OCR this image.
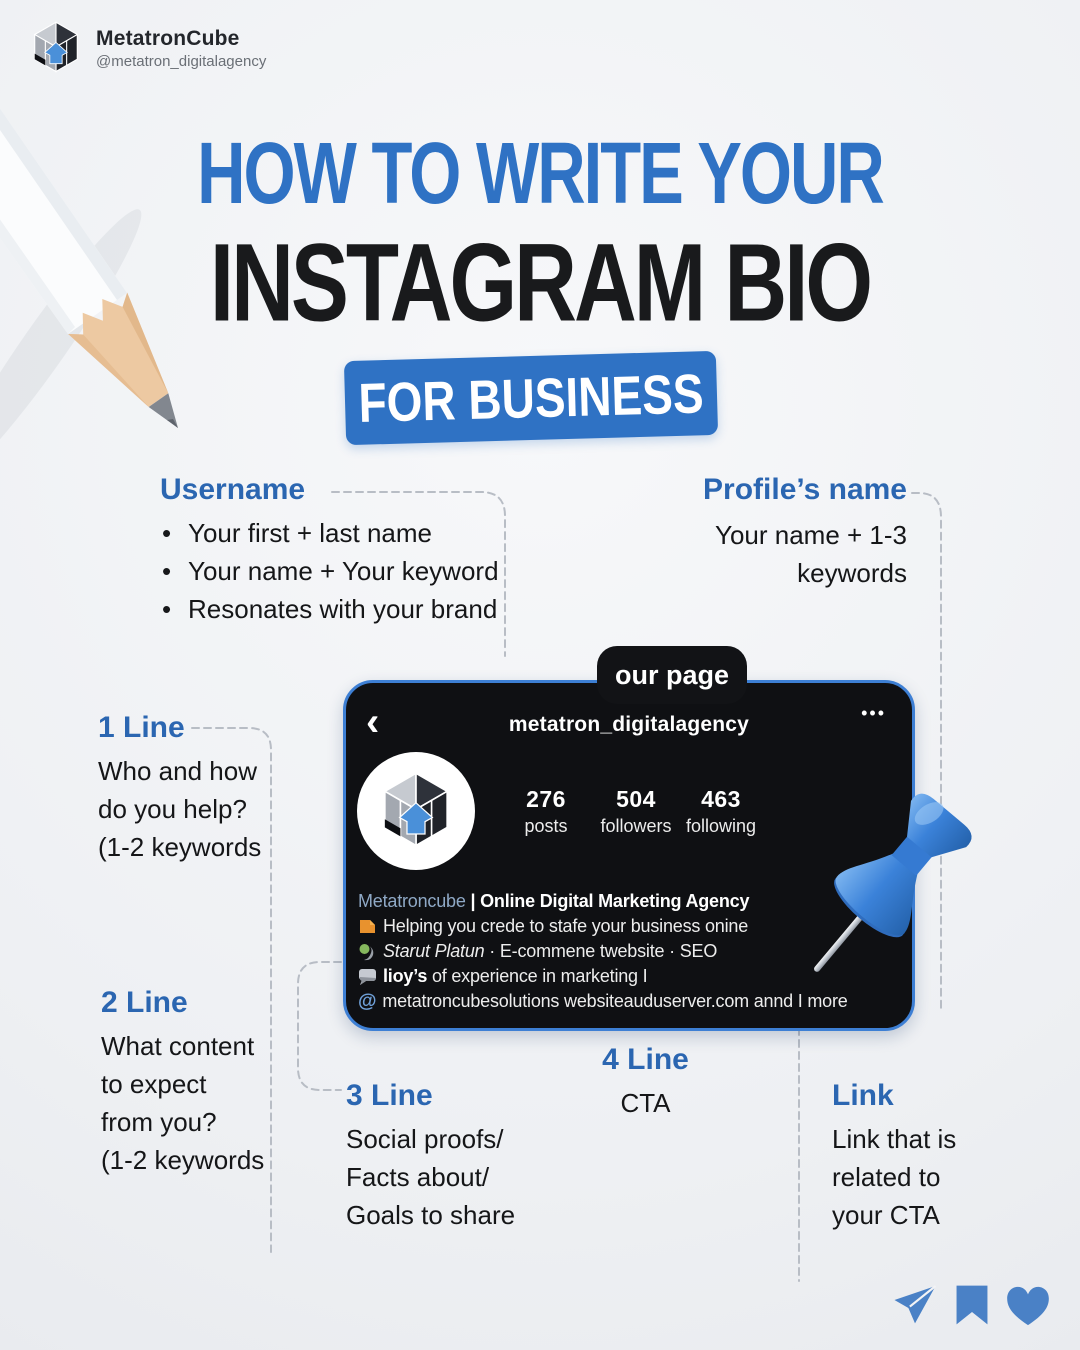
MetatronCube
@metatron_digitalagency
HOW TO WRITE YOUR
INSTAGRAM BIO
FOR BUSINESS
Username
• Your first + last name
• Your name + Your keyword
• Resonates with your brand
Profile’s name
Your name + 1-3
keywords
1 Line
Who and how
do you help?
(1-2 keywords
2 Line
What content
to expect
from you?
(1-2 keywords
3 Line
Social proofs/
Facts about/
Goals to share
4 Line
CTA	Link
Link that is
related to
your CTA
our page
‹	metatron_digitalagency	•••
276
posts
504
followers
463
following
Metatroncube | Online Digital Marketing Agency
Helping you crede to stafe your business onine
Starut Platun · E-commene twebsite · SEO
lioy’s of experience in marketing I
@ metatroncubesolutions websiteauduserver.com annd I more
